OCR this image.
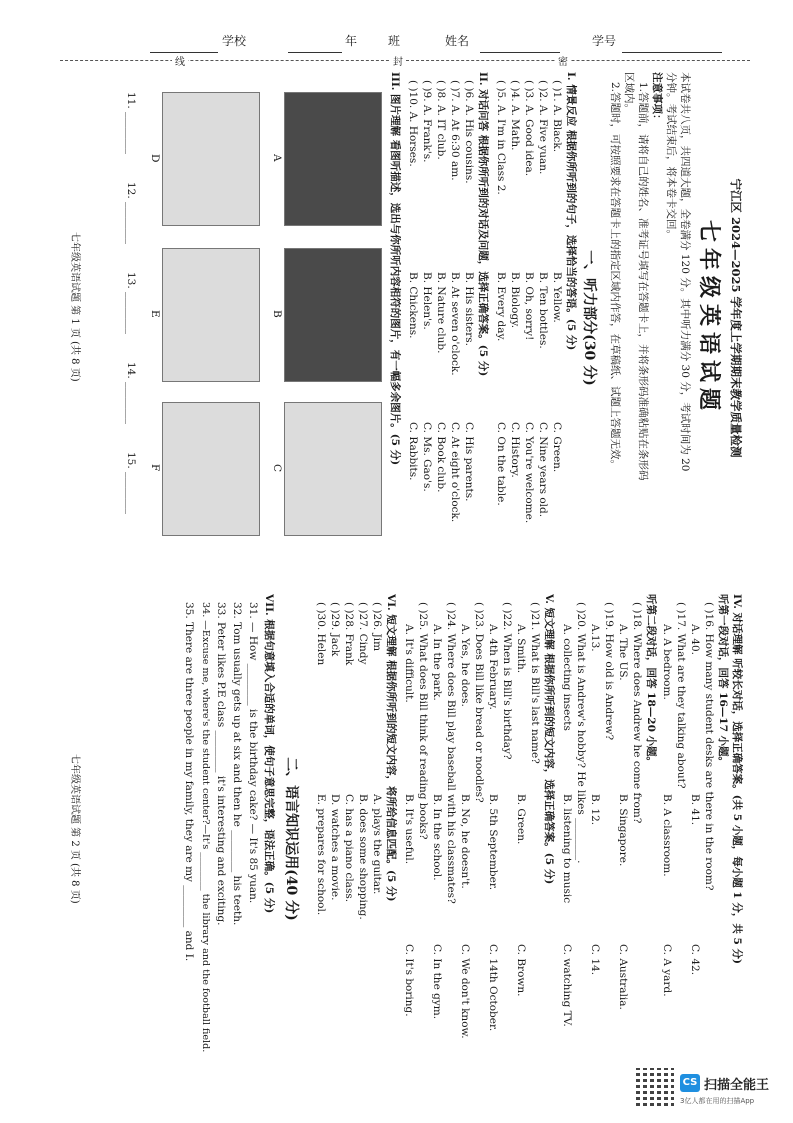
学校	年	班	姓名	学号
线	封	密
宁江区 2024—2025 学年度上学期期末教学质量检测
七年级英语试题
本试卷共八页，共四道大题，全卷满分 120 分。其中听力满分 30 分，考试时间为 20
分钟。考试结束后，将本卷卡交回。
注意事项：
1.答题前，请将自己的姓名、准考证号填写在答题卡上，并将条形码准确粘贴在条形码
区域内。
2.答题时，可按照要求在答题卡上的指定区域内作答，在草稿纸、试题上答题无效。
一、听力部分(30 分)
I. 情景反应 根据你所听到的句子，选择恰当的答语。(5 分)
( )1. A. Black.
B. Yellow.
C. Green.
( )2. A. Five yuan.
B. Ten bottles.
C. Nine years old.
( )3. A. Good idea.
B. Oh, sorry!
C. You're welcome.
( )4. A. Math.
B. Biology.
C. History.
( )5. A. I'm in Class 2.
B. Every day.
C. On the table.
II. 对话问答 根据你所听到的对话及问题，选择正确答案。(5 分)
( )6. A. His cousins.
B. His sisters.
C. His parents.
( )7. A. At 6:30 am.
B. At seven o'clock.
C. At eight o'clock.
( )8. A. IT club.
B. Nature club.
C. Book club.
( )9. A. Frank's.
B. Helen's.
C. Ms. Gao's.
( )10. A. Horses.
B. Chickens.
C. Rabbits.
III. 图片理解 看图听描述，选出与你所听内容相符的图片，有一幅多余图片。(5 分)
A
B
C
D
E
F
11. ________
12. ________
13. ________
14. ________
15. ________
七年级英语试题 第 1 页 (共 8 页)
IV. 对话理解 听较长对话，选择正确答案。(共 5 小题，每小题 1 分，共 5 分)
听第一段对话，回答 16—17 小题。
( )16. How many student desks are there in the room?
A. 40.
B. 41.
C. 42.
( )17. What are they talking about?
A. A bedroom.
B. A classroom.
C. A yard.
听第二段对话，回答 18—20 小题。
( )18. Where does Andrew he come from?
A. The US.
B. Singapore.
C. Australia.
( )19. How old is Andrew?
A.13.
B. 12.
C. 14.
( )20. What is Andrew's hobby? He likes ________.
A. collecting insects
B. listening to music
C. watching TV.
V. 短文理解 根据你所听到的短文内容，选择正确答案。(5 分)
( )21. What is Bill's last name?
A. Smith.
B. Green.
C. Brown.
( )22. When is Bill's birthday?
A. 4th February.
B. 5th September.
C. 14th October.
( )23. Does Bill like bread or noodles?
A. Yes, he does.
B. No, he doesn't.
C. We don't know.
( )24. Where does Bill play baseball with his classmates?
A. In the park.
B. In the school.
C. In the gym.
( )25. What does Bill think of reading books?
A. It's difficult.
B. It's useful.
C. It's boring.
VI. 短文理解 根据你所听到的短文内容，将所给信息匹配。(5 分)
( )26. Jim
A. plays the guitar.
( )27. Cindy
B. does some shopping.
( )28. Frank
C. has a piano class.
( )29. Jack
D. watches a movie.
( )30. Helen
E. prepares for school.
二、语言知识运用(40 分)
VII. 根据句意填入合适的单词，使句子意思完整，语法正确。(5 分)
31. — How ________ is the birthday cake? — It's 85 yuan.
32. Tom usually gets up at six and then he ________ his teeth.
33. Peter likes P.E class ________ it's interesting and exciting.
34. —Excuse me, where's the student center?—It's ________ the library and the football field.
35. There are three people in my family, they are my ________ and I.
七年级英语试题 第 2 页 (共 8 页)
CS 扫描全能王
3亿人都在用的扫描App
